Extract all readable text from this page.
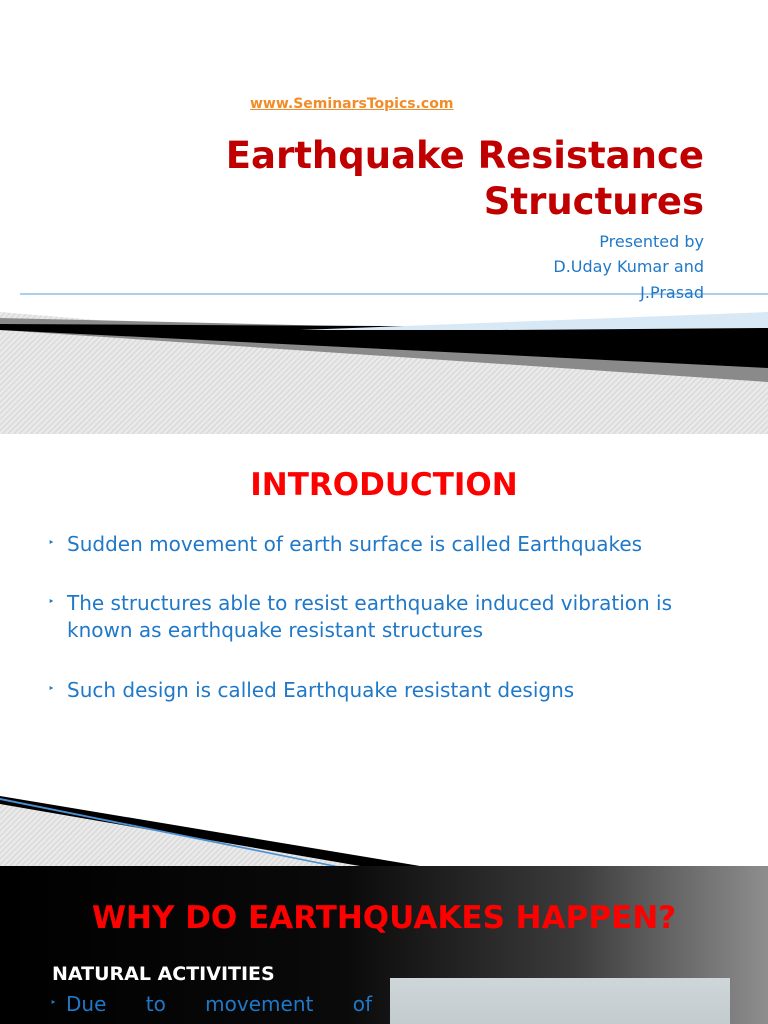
www.SeminarsTopics.com
Earthquake Resistance
Structures
Presented by
D.Uday Kumar and
J.Prasad
INTRODUCTION
‣ Sudden movement of earth surface is called Earthquakes
‣ The structures able to resist earthquake induced vibration is known as earthquake resistant structures
‣ Such design is called Earthquake resistant designs
WHY DO EARTHQUAKES HAPPEN?
NATURAL ACTIVITIES
‣ Due to movement of
